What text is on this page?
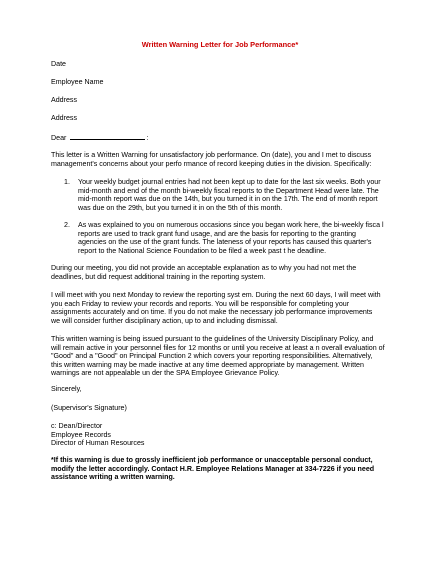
Written Warning Letter for Job Performance*
Date
Employee Name
Address
Address
Dear	:

This letter is a Written Warning for unsatisfactory job performance. On (date), you and I met to discuss

management's concerns about your perfo rmance of record keeping duties in the division. Specifically:

1. Your weekly budget journal entries had not been kept up to date for the last six weeks. Both your

mid-month and end of the month bi-weekly fiscal reports to the Department Head were late. The

mid-month report was due on the 14th, but you turned it in on the 17th. The end of month report

was due on the 29th, but you turned it in on the 5th of this month.

2. As was explained to you on numerous occasions since you began work here, the bi-weekly fisca l

reports are used to track grant fund usage, and are the basis for reporting to the granting

agencies on the use of the grant funds. The lateness of your reports has caused this quarter's

report to the National Science Foundation to be filed a week past t he deadline.

During our meeting, you did not provide an acceptable explanation as to why you had not met the

deadlines, but did request additional training in the reporting system.

I will meet with you next Monday to review the reporting syst em. During the next 60 days, I will meet with

you each Friday to review your records and reports. You will be responsible for completing your

assignments accurately and on time. If you do not make the necessary job performance improvements

we will consider further disciplinary action, up to and including dismissal.

This written warning is being issued pursuant to the guidelines of the University Disciplinary Policy, and

will remain active in your personnel files for 12 months or until you receive at least a n overall evaluation of

"Good" and a "Good" on Principal Function 2 which covers your reporting responsibilities. Alternatively,

this written warning may be made inactive at any time deemed appropriate by management. Written

warnings are not appealable un der the SPA Employee Grievance Policy.

Sincerely,
(Supervisor's Signature)

c: Dean/Director

Employee Records

Director of Human Resources

*If this warning is due to grossly inefficient job performance or unacceptable personal conduct,

modify the letter accordingly. Contact H.R. Employee Relations Manager at 334-7226 if you need

assistance writing a written warning.
